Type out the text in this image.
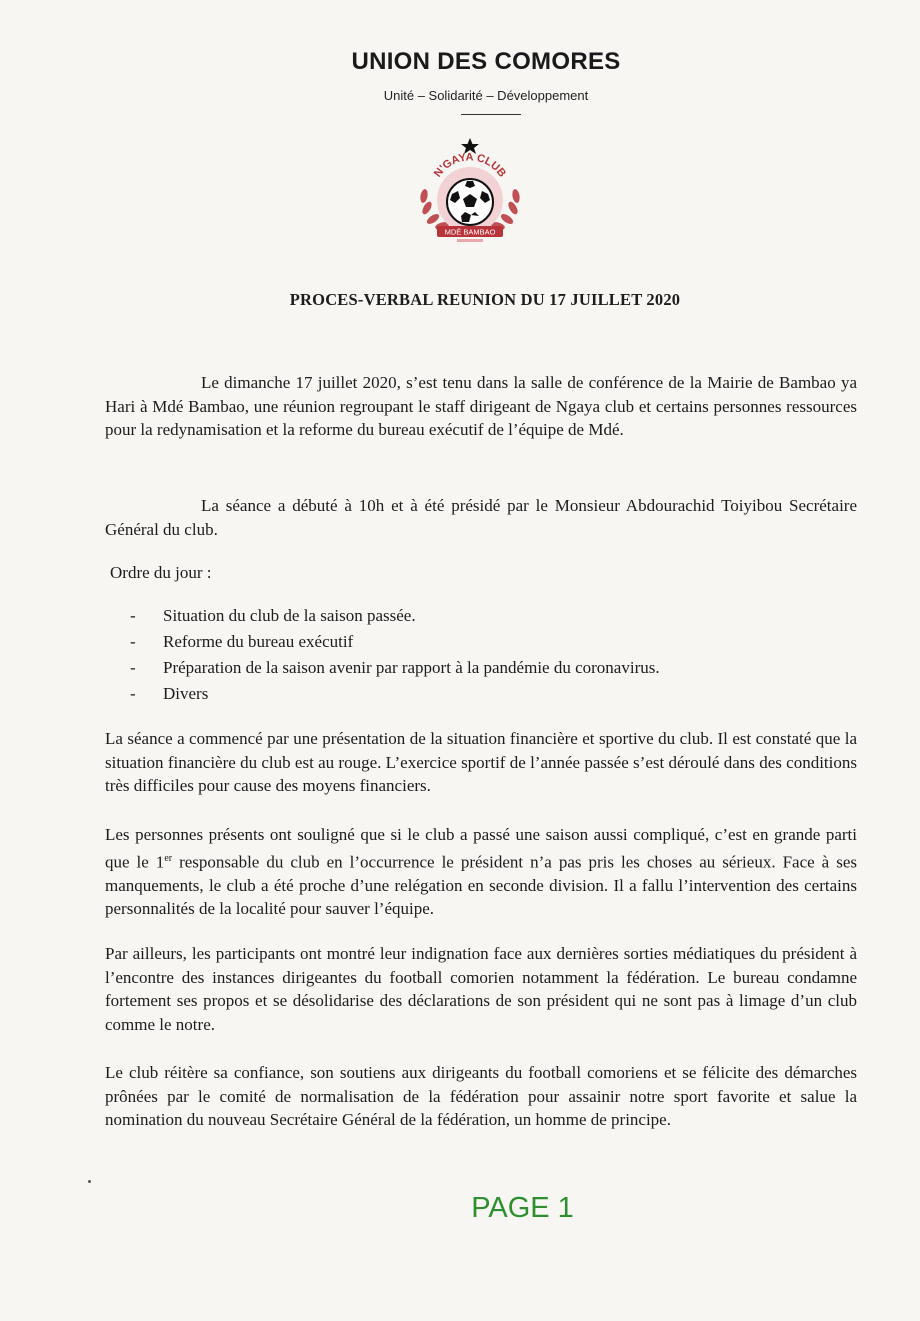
UNION DES COMORES
Unité – Solidarité – Développement
N'GAYA CLUB
MDÉ BAMBAO
PROCES-VERBAL REUNION DU 17 JUILLET 2020

Le dimanche 17 juillet 2020, s’est tenu dans la salle de conférence de la Mairie de Bambao ya Hari à Mdé Bambao, une réunion regroupant le staff dirigeant de Ngaya club et certains personnes ressources pour la redynamisation et la reforme du bureau exécutif de l’équipe de Mdé.

La séance a débuté à 10h et à été présidé par le Monsieur Abdourachid Toiyibou Secrétaire Général du club.

Ordre du jour :
- Situation du club de la saison passée.
- Reforme du bureau exécutif
- Préparation de la saison avenir par rapport à la pandémie du coronavirus.
- Divers

La séance a commencé par une présentation de la situation financière et sportive du club. Il est constaté que la situation financière du club est au rouge. L’exercice sportif de l’année passée s’est déroulé dans des conditions très difficiles pour cause des moyens financiers.

Les personnes présents ont souligné que si le club a passé une saison aussi compliqué, c’est en grande parti que le 1er responsable du club en l’occurrence le président n’a pas pris les choses au sérieux. Face à ses manquements, le club a été proche d’une relégation en seconde division. Il a fallu l’intervention des certains personnalités de la localité pour sauver l’équipe.

Par ailleurs, les participants ont montré leur indignation face aux dernières sorties médiatiques du président à l’encontre des instances dirigeantes du football comorien notamment la fédération. Le bureau condamne fortement ses propos et se désolidarise des déclarations de son président qui ne sont pas à limage d’un club comme le notre.

Le club réitère sa confiance, son soutiens aux dirigeants du football comoriens et se félicite des démarches prônées par le comité de normalisation de la fédération pour assainir notre sport favorite et salue la nomination du nouveau Secrétaire Général de la fédération, un homme de principe.

PAGE 1
